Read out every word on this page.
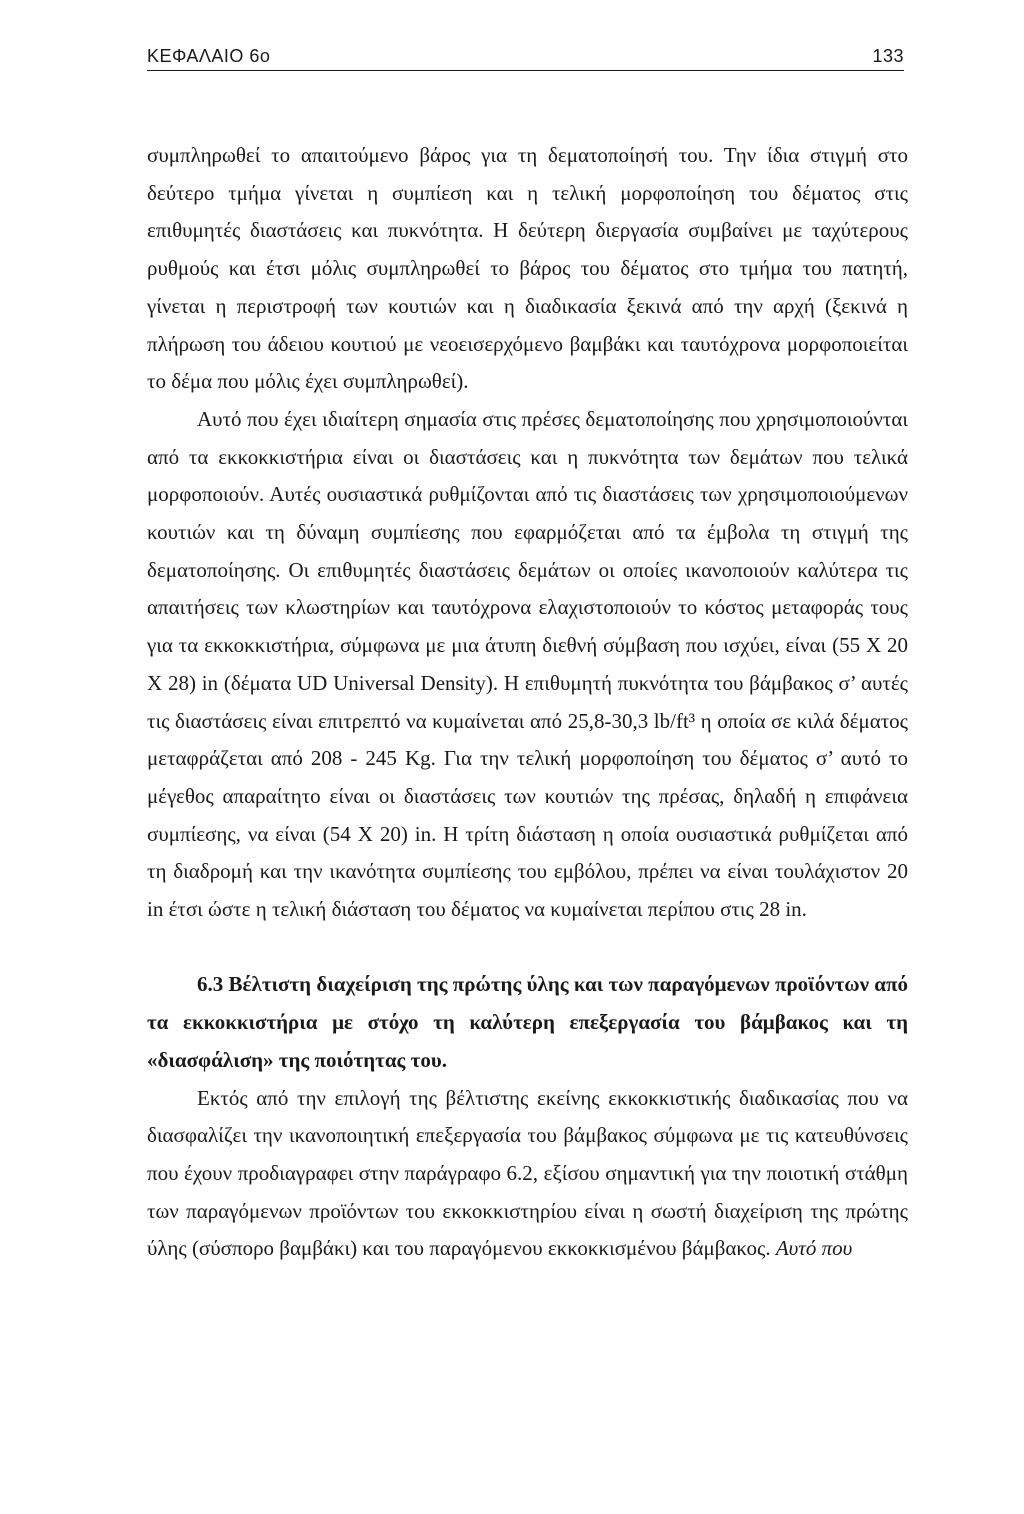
ΚΕΦΑΛΑΙΟ 6ο	133

συμπληρωθεί το απαιτούμενο βάρος για τη δεματοποίησή του. Την ίδια στιγμή στο δεύτερο τμήμα γίνεται η συμπίεση και η τελική μορφοποίηση του δέματος στις επιθυμητές διαστάσεις και πυκνότητα. Η δεύτερη διεργασία συμβαίνει με ταχύτερους ρυθμούς και έτσι μόλις συμπληρωθεί το βάρος του δέματος στο τμήμα του πατητή, γίνεται η περιστροφή των κουτιών και η διαδικασία ξεκινά από την αρχή (ξεκινά η πλήρωση του άδειου κουτιού με νεοεισερχόμενο βαμβάκι και ταυτόχρονα μορφοποιείται το δέμα που μόλις έχει συμπληρωθεί).

Αυτό που έχει ιδιαίτερη σημασία στις πρέσες δεματοποίησης που χρησιμοποιούνται από τα εκκοκκιστήρια είναι οι διαστάσεις και η πυκνότητα των δεμάτων που τελικά μορφοποιούν. Αυτές ουσιαστικά ρυθμίζονται από τις διαστάσεις των χρησιμοποιούμενων κουτιών και τη δύναμη συμπίεσης που εφαρμόζεται από τα έμβολα τη στιγμή της δεματοποίησης. Οι επιθυμητές διαστάσεις δεμάτων οι οποίες ικανοποιούν καλύτερα τις απαιτήσεις των κλωστηρίων και ταυτόχρονα ελαχιστοποιούν το κόστος μεταφοράς τους για τα εκκοκκιστήρια, σύμφωνα με μια άτυπη διεθνή σύμβαση που ισχύει, είναι (55 Χ 20 Χ 28) in (δέματα UD Universal Density). Η επιθυμητή πυκνότητα του βάμβακος σ’ αυτές τις διαστάσεις είναι επιτρεπτό να κυμαίνεται από 25,8-30,3 lb/ft³ η οποία σε κιλά δέματος μεταφράζεται από 208 - 245 Kg. Για την τελική μορφοποίηση του δέματος σ’ αυτό το μέγεθος απαραίτητο είναι οι διαστάσεις των κουτιών της πρέσας, δηλαδή η επιφάνεια συμπίεσης, να είναι (54 Χ 20) in. Η τρίτη διάσταση η οποία ουσιαστικά ρυθμίζεται από τη διαδρομή και την ικανότητα συμπίεσης του εμβόλου, πρέπει να είναι τουλάχιστον 20 in έτσι ώστε η τελική διάσταση του δέματος να κυμαίνεται περίπου στις 28 in.

6.3 Βέλτιστη διαχείριση της πρώτης ύλης και των παραγόμενων προϊόντων από τα εκκοκκιστήρια με στόχο τη καλύτερη επεξεργασία του βάμβακος και τη «διασφάλιση» της ποιότητας του.

Εκτός από την επιλογή της βέλτιστης εκείνης εκκοκκιστικής διαδικασίας που να διασφαλίζει την ικανοποιητική επεξεργασία του βάμβακος σύμφωνα με τις κατευθύνσεις που έχουν προδιαγραφει στην παράγραφο 6.2, εξίσου σημαντική για την ποιοτική στάθμη των παραγόμενων προϊόντων του εκκοκκιστηρίου είναι η σωστή διαχείριση της πρώτης ύλης (σύσπορο βαμβάκι) και του παραγόμενου εκκοκκισμένου βάμβακος. Αυτό που
